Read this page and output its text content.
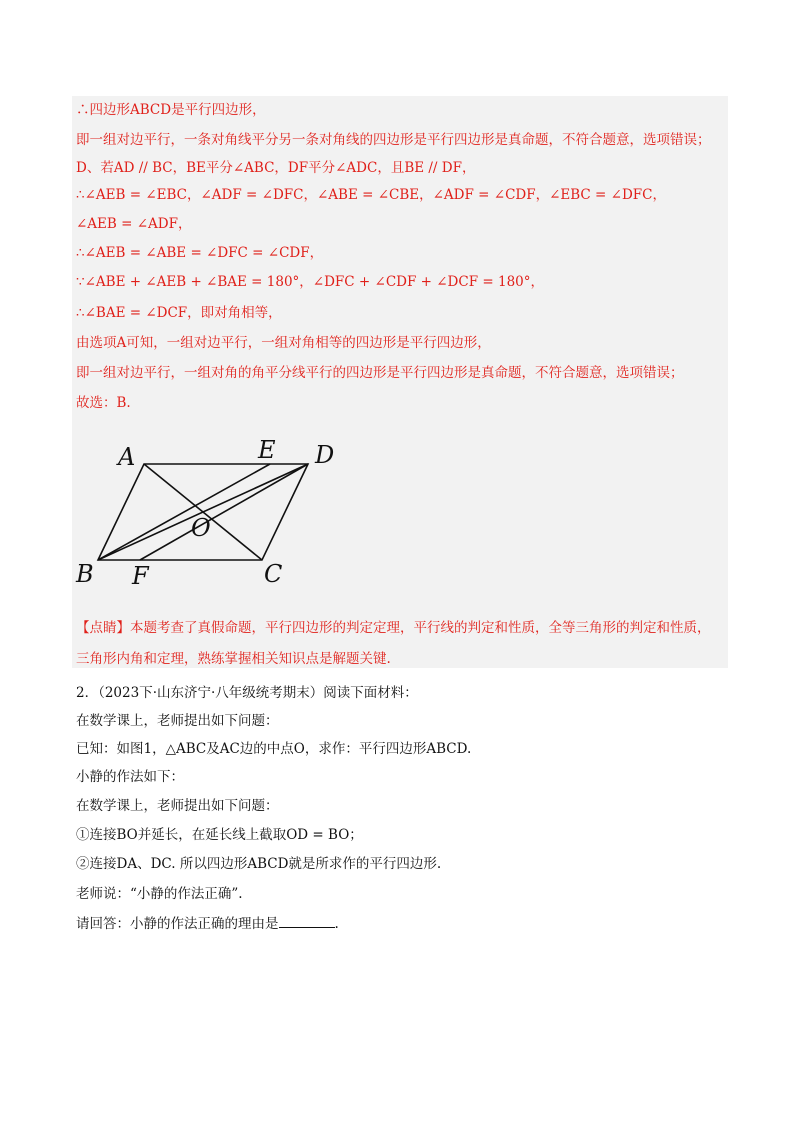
∴四边形ABCD是平行四边形，
即一组对边平行，一条对角线平分另一条对角线的四边形是平行四边形是真命题，不符合题意，选项错误；
D、若AD // BC，BE平分∠ABC，DF平分∠ADC，且BE // DF，
∴∠AEB = ∠EBC，∠ADF = ∠DFC，∠ABE = ∠CBE，∠ADF = ∠CDF，∠EBC = ∠DFC，
∠AEB = ∠ADF，
∴∠AEB = ∠ABE = ∠DFC = ∠CDF，
∵∠ABE + ∠AEB + ∠BAE = 180°，∠DFC + ∠CDF + ∠DCF = 180°，
∴∠BAE = ∠DCF，即对角相等，
由选项A可知，一组对边平行，一组对角相等的四边形是平行四边形，
即一组对边平行，一组对角的角平分线平行的四边形是平行四边形是真命题，不符合题意，选项错误；
故选：B.
A	E D
O
B F	C
【点睛】本题考查了真假命题，平行四边形的判定定理，平行线的判定和性质，全等三角形的判定和性质，
三角形内角和定理，熟练掌握相关知识点是解题关键.
2．（2023下·山东济宁·八年级统考期末）阅读下面材料：
在数学课上，老师提出如下问题：
已知：如图1，△ABC及AC边的中点O，求作：平行四边形ABCD.
小静的作法如下：
在数学课上，老师提出如下问题：
①连接BO并延长，在延长线上截取OD = BO；
②连接DA、DC. 所以四边形ABCD就是所求作的平行四边形.
老师说：“小静的作法正确”.
请回答：小静的作法正确的理由是	.
